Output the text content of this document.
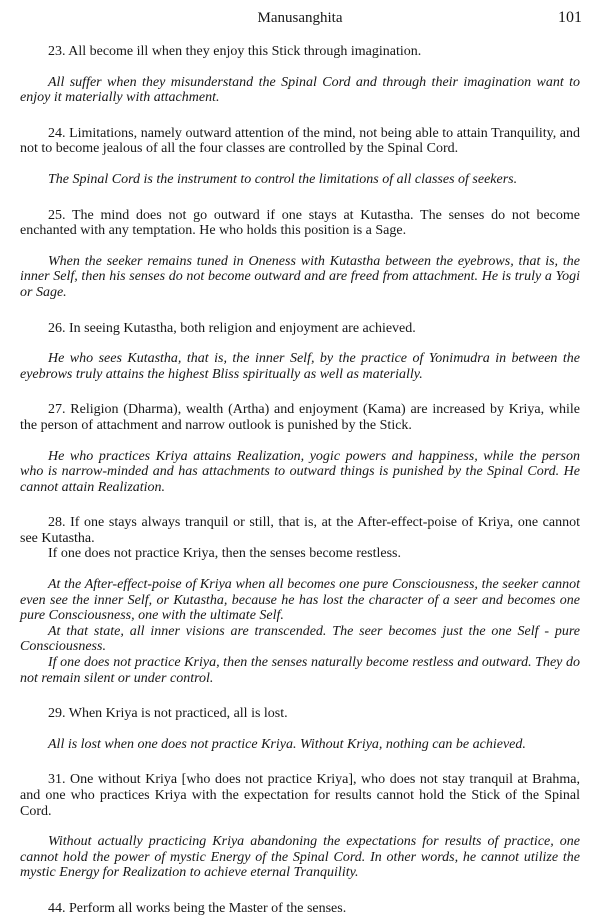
Manusanghita	101

23. All become ill when they enjoy this Stick through imagination.

All suffer when they misunderstand the Spinal Cord and through their imagination want to enjoy it materially with attachment.

24. Limitations, namely outward attention of the mind, not being able to attain Tranquility, and not to become jealous of all the four classes are controlled by the Spinal Cord.

The Spinal Cord is the instrument to control the limitations of all classes of seekers.

25. The mind does not go outward if one stays at Kutastha. The senses do not become enchanted with any temptation. He who holds this position is a Sage.

When the seeker remains tuned in Oneness with Kutastha between the eyebrows, that is, the inner Self, then his senses do not become outward and are freed from attachment. He is truly a Yogi or Sage.

26. In seeing Kutastha, both religion and enjoyment are achieved.

He who sees Kutastha, that is, the inner Self, by the practice of Yonimudra in between the eyebrows truly attains the highest Bliss spiritually as well as materially.

27. Religion (Dharma), wealth (Artha) and enjoyment (Kama) are increased by Kriya, while the person of attachment and narrow outlook is punished by the Stick.

He who practices Kriya attains Realization, yogic powers and happiness, while the person who is narrow-minded and has attachments to outward things is punished by the Spinal Cord. He cannot attain Realization.

28. If one stays always tranquil or still, that is, at the After-effect-poise of Kriya, one cannot see Kutastha.

If one does not practice Kriya, then the senses become restless.

At the After-effect-poise of Kriya when all becomes one pure Consciousness, the seeker cannot even see the inner Self, or Kutastha, because he has lost the character of a seer and becomes one pure Consciousness, one with the ultimate Self.

At that state, all inner visions are transcended. The seer becomes just the one Self - pure Consciousness.

If one does not practice Kriya, then the senses naturally become restless and outward. They do not remain silent or under control.

29. When Kriya is not practiced, all is lost.

All is lost when one does not practice Kriya. Without Kriya, nothing can be achieved.

31. One without Kriya [who does not practice Kriya], who does not stay tranquil at Brahma, and one who practices Kriya with the expectation for results cannot hold the Stick of the Spinal Cord.

Without actually practicing Kriya abandoning the expectations for results of practice, one cannot hold the power of mystic Energy of the Spinal Cord. In other words, he cannot utilize the mystic Energy for Realization to achieve eternal Tranquility.

44. Perform all works being the Master of the senses.
